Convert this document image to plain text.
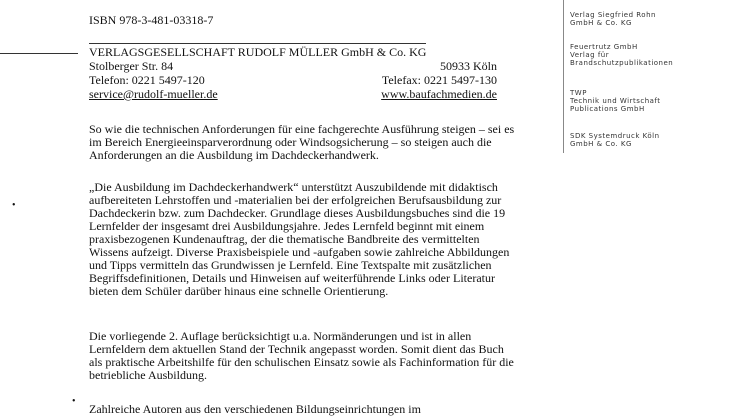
ISBN 978-3-481-03318-7
VERLAGSGESELLSCHAFT RUDOLF MÜLLER GmbH & Co. KG
Stolberger Str. 84	50933 Köln
Telefon: 0221 5497-120	Telefax: 0221 5497-130
service@rudolf-mueller.de	www.baufachmedien.de
So wie die technischen Anforderungen für eine fachgerechte Ausführung steigen – sei es im Bereich Energieeinsparverordnung oder Windsogsicherung – so steigen auch die Anforderungen an die Ausbildung im Dachdeckerhandwerk.
„Die Ausbildung im Dachdeckerhandwerk“ unterstützt Auszubildende mit didaktisch aufbereiteten Lehrstoffen und -materialien bei der erfolgreichen Berufsausbildung zur Dachdeckerin bzw. zum Dachdecker. Grundlage dieses Ausbildungsbuches sind die 19 Lernfelder der insgesamt drei Ausbildungsjahre. Jedes Lernfeld beginnt mit einem praxisbezogenen Kundenauftrag, der die thematische Bandbreite des vermittelten Wissens aufzeigt. Diverse Praxisbeispiele und -aufgaben sowie zahlreiche Abbildungen und Tipps vermitteln das Grundwissen je Lernfeld. Eine Textspalte mit zusätzlichen Begriffsdefinitionen, Details und Hinweisen auf weiterführende Links oder Literatur bieten dem Schüler darüber hinaus eine schnelle Orientierung.
Die vorliegende 2. Auflage berücksichtigt u.a. Normänderungen und ist in allen Lernfeldern dem aktuellen Stand der Technik angepasst worden. Somit dient das Buch als praktische Arbeitshilfe für den schulischen Einsatz sowie als Fachinformation für die betriebliche Ausbildung.
Zahlreiche Autoren aus den verschiedenen Bildungseinrichtungen im
•
•
Verlag Siegfried Rohn
GmbH & Co. KG
Feuertrutz GmbH
Verlag für
Brandschutzpublikationen
TWP
Technik und Wirtschaft
Publications GmbH
SDK Systemdruck Köln
GmbH & Co. KG
